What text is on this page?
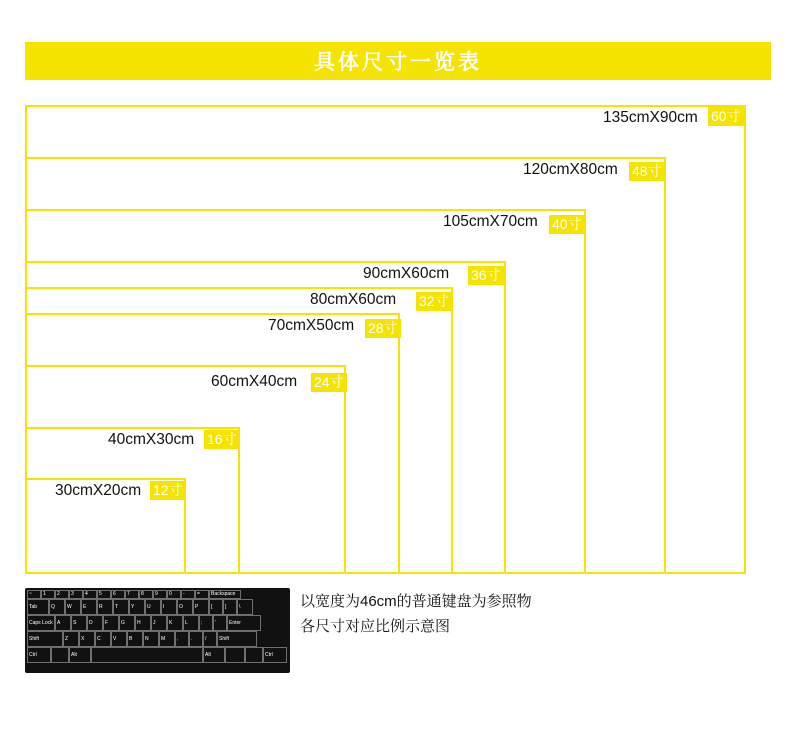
具体尺寸一览表
135cmX90cm
120cmX80cm
105cmX70cm
90cmX60cm
80cmX60cm
70cmX50cm
60cmX40cm
40cmX30cm
30cmX20cm
60寸
48寸
40寸
36寸
32寸
28寸
24寸
16寸
12寸
~	1	2	3	4	5	6	7	8	9	0	-	=	Backspace
Tab	Q	W	E	R	T	Y	U	I	O	P	[	]	\
Caps Lock A	S	D	F	G	H	J	K	L	;	'	Enter
Shift	Z	X	C	V	B	N	M	,	.	/	Shift
Ctrl	Alt	Alt	Ctrl
以宽度为46cm的普通键盘为参照物
各尺寸对应比例示意图
